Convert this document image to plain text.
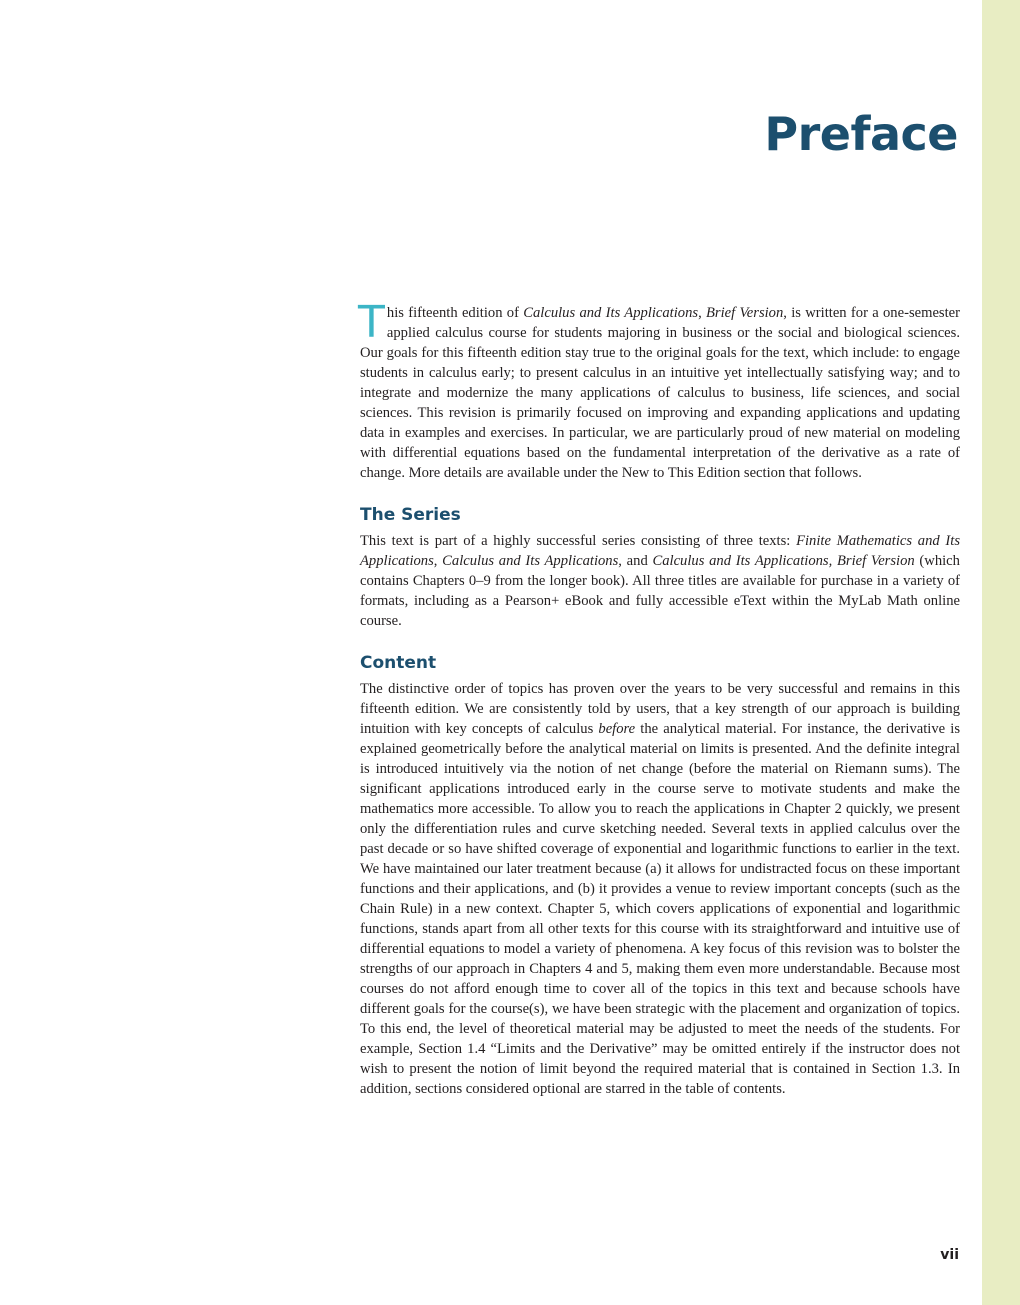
Preface

This fifteenth edition of Calculus and Its Applications, Brief Version, is written for a one-semester applied calculus course for students majoring in business or the social and biological sciences. Our goals for this fifteenth edition stay true to the original goals for the text, which include: to engage students in calculus early; to present calculus in an intuitive yet intellectually satisfying way; and to integrate and modernize the many applications of calculus to business, life sciences, and social sciences. This revision is primarily focused on improving and expanding applications and updating data in examples and exercises. In particular, we are particularly proud of new material on modeling with differential equations based on the fundamental interpretation of the derivative as a rate of change. More details are available under the New to This Edition section that follows.

The Series

This text is part of a highly successful series consisting of three texts: Finite Mathematics and Its Applications, Calculus and Its Applications, and Calculus and Its Applications, Brief Version (which contains Chapters 0–9 from the longer book). All three titles are available for purchase in a variety of formats, including as a Pearson+ eBook and fully accessible eText within the MyLab Math online course.

Content

The distinctive order of topics has proven over the years to be very successful and remains in this fifteenth edition. We are consistently told by users, that a key strength of our approach is building intuition with key concepts of calculus before the analytical material. For instance, the derivative is explained geometrically before the analytical material on limits is presented. And the definite integral is introduced intuitively via the notion of net change (before the material on Riemann sums). The significant applications introduced early in the course serve to motivate students and make the mathematics more accessible. To allow you to reach the applications in Chapter 2 quickly, we present only the differentiation rules and curve sketching needed. Several texts in applied calculus over the past decade or so have shifted coverage of exponential and logarithmic functions to earlier in the text. We have maintained our later treatment because (a) it allows for undistracted focus on these important functions and their applications, and (b) it provides a venue to review important concepts (such as the Chain Rule) in a new context. Chapter 5, which covers applications of exponential and logarithmic functions, stands apart from all other texts for this course with its straightforward and intuitive use of differential equations to model a variety of phenomena. A key focus of this revision was to bolster the strengths of our approach in Chapters 4 and 5, making them even more understandable. Because most courses do not afford enough time to cover all of the topics in this text and because schools have different goals for the course(s), we have been strategic with the placement and organization of topics. To this end, the level of theoretical material may be adjusted to meet the needs of the students. For example, Section 1.4 “Limits and the Derivative” may be omitted entirely if the instructor does not wish to present the notion of limit beyond the required material that is contained in Section 1.3. In addition, sections considered optional are starred in the table of contents.

vii
